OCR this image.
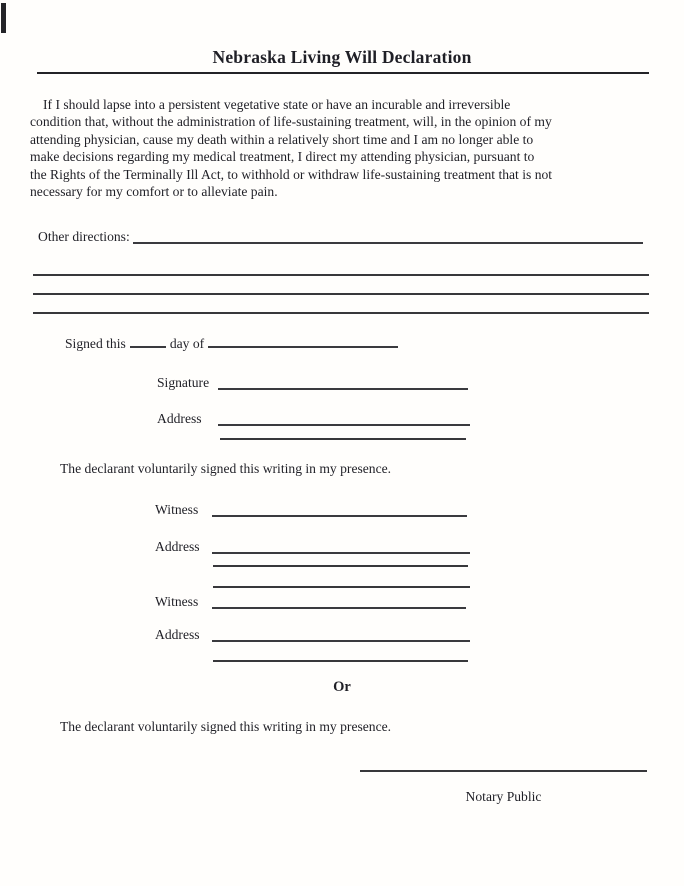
Nebraska Living Will Declaration
If I should lapse into a persistent vegetative state or have an incurable and irreversible
condition that, without the administration of life-sustaining treatment, will, in the opinion of my
attending physician, cause my death within a relatively short time and I am no longer able to
make decisions regarding my medical treatment, I direct my attending physician, pursuant to
the Rights of the Terminally Ill Act, to withhold or withdraw life-sustaining treatment that is not
necessary for my comfort or to alleviate pain.
Other directions:
Signed this	day of
Signature
Address
The declarant voluntarily signed this writing in my presence.
Witness
Address
Witness
Address
Or
The declarant voluntarily signed this writing in my presence.
Notary Public
